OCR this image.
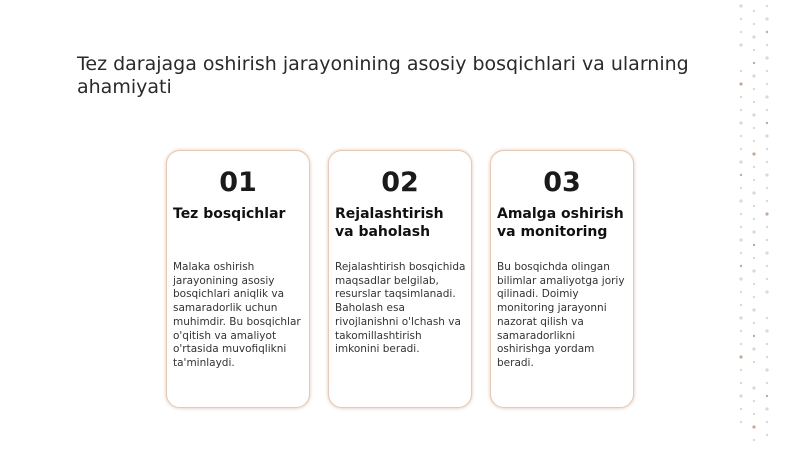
Tez darajaga oshirish jarayonining asosiy bosqichlari va ularning ahamiyati
01
Tez bosqichlar
Malaka oshirish jarayonining asosiy bosqichlari aniqlik va samaradorlik uchun muhimdir. Bu bosqichlar o'qitish va amaliyot o'rtasida muvofiqlikni ta'minlaydi.
02
Rejalashtirish va baholash
Rejalashtirish bosqichida maqsadlar belgilab, resurslar taqsimlanadi. Baholash esa rivojlanishni o'lchash va takomillashtirish imkonini beradi.
03
Amalga oshirish va monitoring
Bu bosqichda olingan bilimlar amaliyotga joriy qilinadi. Doimiy monitoring jarayonni nazorat qilish va samaradorlikni oshirishga yordam beradi.
